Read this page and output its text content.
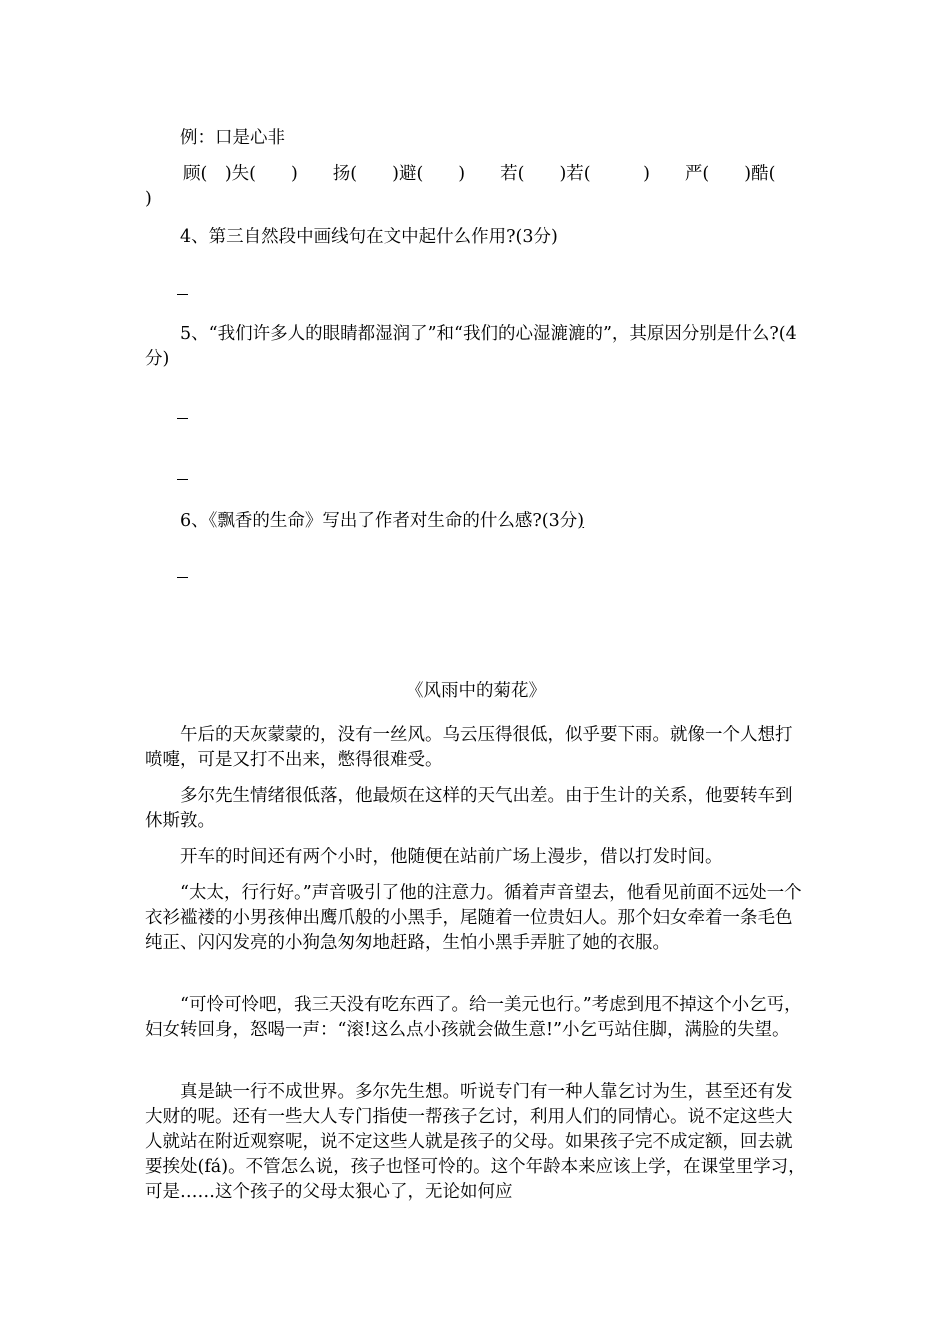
例：口是心非

顾(　)失(　　)　　扬(　　)避(　　)　　若(　　)若(　　　)　　严(　　)酷(
)

4、第三自然段中画线句在文中起什么作用?(3分)

5、“我们许多人的眼睛都湿润了”和“我们的心湿漉漉的”，其原因分别是什么?(4分)

6、《飘香的生命》写出了作者对生命的什么感?(3分)

《风雨中的菊花》

午后的天灰蒙蒙的，没有一丝风。乌云压得很低，似乎要下雨。就像一个人想打喷嚏，可是又打不出来，憋得很难受。

多尔先生情绪很低落，他最烦在这样的天气出差。由于生计的关系，他要转车到休斯敦。

开车的时间还有两个小时，他随便在站前广场上漫步，借以打发时间。

“太太，行行好。”声音吸引了他的注意力。循着声音望去，他看见前面不远处一个衣衫褴褛的小男孩伸出鹰爪般的小黑手，尾随着一位贵妇人。那个妇女牵着一条毛色纯正、闪闪发亮的小狗急匆匆地赶路，生怕小黑手弄脏了她的衣服。

“可怜可怜吧，我三天没有吃东西了。给一美元也行。”考虑到甩不掉这个小乞丐，妇女转回身，怒喝一声：“滚!这么点小孩就会做生意!”小乞丐站住脚，满脸的失望。

真是缺一行不成世界。多尔先生想。听说专门有一种人靠乞讨为生，甚至还有发大财的呢。还有一些大人专门指使一帮孩子乞讨，利用人们的同情心。说不定这些大人就站在附近观察呢，说不定这些人就是孩子的父母。如果孩子完不成定额，回去就要挨处(fá)。不管怎么说，孩子也怪可怜的。这个年龄本来应该上学，在课堂里学习，可是……这个孩子的父母太狠心了，无论如何应
